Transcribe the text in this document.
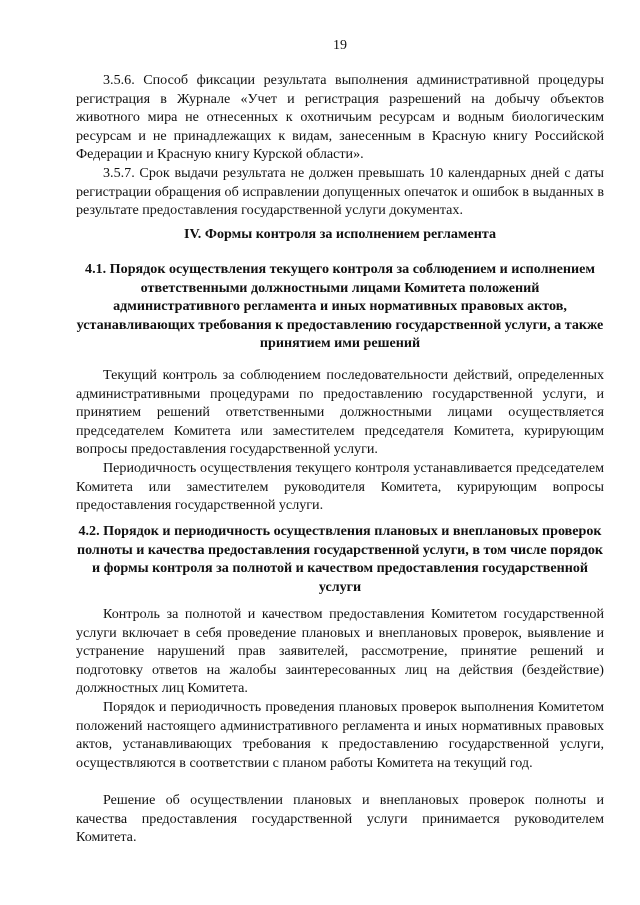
19

3.5.6. Способ фиксации результата выполнения административной процедуры регистрация в Журнале «Учет и регистрация разрешений на добычу объектов животного мира не отнесенных к охотничьим ресурсам и водным биологическим ресурсам и не принадлежащих к видам, занесенным в Красную книгу Российской Федерации и Красную книгу Курской области».

3.5.7. Срок выдачи результата не должен превышать 10 календарных дней с даты регистрации обращения об исправлении допущенных опечаток и ошибок в выданных в результате предоставления государственной услуги документах.

IV. Формы контроля за исполнением регламента
4.1. Порядок осуществления текущего контроля за соблюдением и исполнением ответственными должностными лицами Комитета положений административного регламента и иных нормативных правовых актов, устанавливающих требования к предоставлению государственной услуги, а также принятием ими решений

Текущий контроль за соблюдением последовательности действий, определенных административными процедурами по предоставлению государственной услуги, и принятием решений ответственными должностными лицами осуществляется председателем Комитета или заместителем председателя Комитета, курирующим вопросы предоставления государственной услуги.

Периодичность осуществления текущего контроля устанавливается председателем Комитета или заместителем руководителя Комитета, курирующим вопросы предоставления государственной услуги.

4.2. Порядок и периодичность осуществления плановых и внеплановых проверок полноты и качества предоставления государственной услуги, в том числе порядок и формы контроля за полнотой и качеством предоставления государственной услуги

Контроль за полнотой и качеством предоставления Комитетом государственной услуги включает в себя проведение плановых и внеплановых проверок, выявление и устранение нарушений прав заявителей, рассмотрение, принятие решений и подготовку ответов на жалобы заинтересованных лиц на действия (бездействие) должностных лиц Комитета.

Порядок и периодичность проведения плановых проверок выполнения Комитетом положений настоящего административного регламента и иных нормативных правовых актов, устанавливающих требования к предоставлению государственной услуги, осуществляются в соответствии с планом работы Комитета на текущий год.

Решение об осуществлении плановых и внеплановых проверок полноты и качества предоставления государственной услуги принимается руководителем Комитета.
